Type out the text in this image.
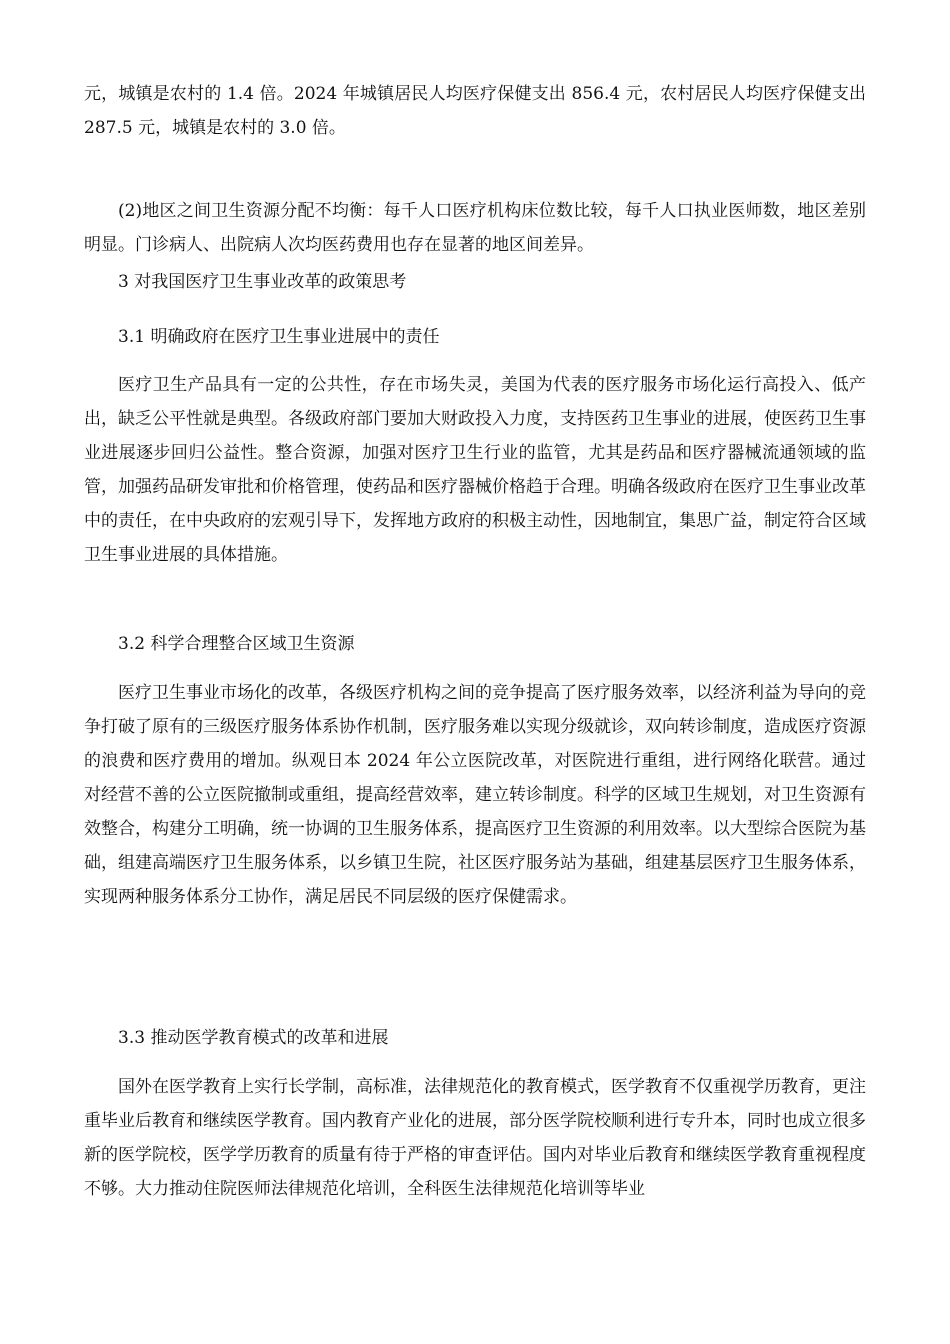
元，城镇是农村的 1.4 倍。2024 年城镇居民人均医疗保健支出 856.4 元，农村居民人均医疗保健支出 287.5 元，城镇是农村的 3.0 倍。

(2)地区之间卫生资源分配不均衡：每千人口医疗机构床位数比较，每千人口执业医师数，地区差别明显。门诊病人、出院病人次均医药费用也存在显著的地区间差异。

3 对我国医疗卫生事业改革的政策思考

3.1 明确政府在医疗卫生事业进展中的责任

医疗卫生产品具有一定的公共性，存在市场失灵，美国为代表的医疗服务市场化运行高投入、低产出，缺乏公平性就是典型。各级政府部门要加大财政投入力度，支持医药卫生事业的进展，使医药卫生事业进展逐步回归公益性。整合资源，加强对医疗卫生行业的监管，尤其是药品和医疗器械流通领域的监管，加强药品研发审批和价格管理，使药品和医疗器械价格趋于合理。明确各级政府在医疗卫生事业改革中的责任，在中央政府的宏观引导下，发挥地方政府的积极主动性，因地制宜，集思广益，制定符合区域卫生事业进展的具体措施。

3.2 科学合理整合区域卫生资源

医疗卫生事业市场化的改革，各级医疗机构之间的竞争提高了医疗服务效率，以经济利益为导向的竞争打破了原有的三级医疗服务体系协作机制，医疗服务难以实现分级就诊，双向转诊制度，造成医疗资源的浪费和医疗费用的增加。纵观日本 2024 年公立医院改革，对医院进行重组，进行网络化联营。通过对经营不善的公立医院撤制或重组，提高经营效率，建立转诊制度。科学的区域卫生规划，对卫生资源有效整合，构建分工明确，统一协调的卫生服务体系，提高医疗卫生资源的利用效率。以大型综合医院为基础，组建高端医疗卫生服务体系，以乡镇卫生院，社区医疗服务站为基础，组建基层医疗卫生服务体系，实现两种服务体系分工协作，满足居民不同层级的医疗保健需求。

3.3 推动医学教育模式的改革和进展

国外在医学教育上实行长学制，高标准，法律规范化的教育模式，医学教育不仅重视学历教育，更注重毕业后教育和继续医学教育。国内教育产业化的进展，部分医学院校顺利进行专升本，同时也成立很多新的医学院校，医学学历教育的质量有待于严格的审查评估。国内对毕业后教育和继续医学教育重视程度不够。大力推动住院医师法律规范化培训，全科医生法律规范化培训等毕业
